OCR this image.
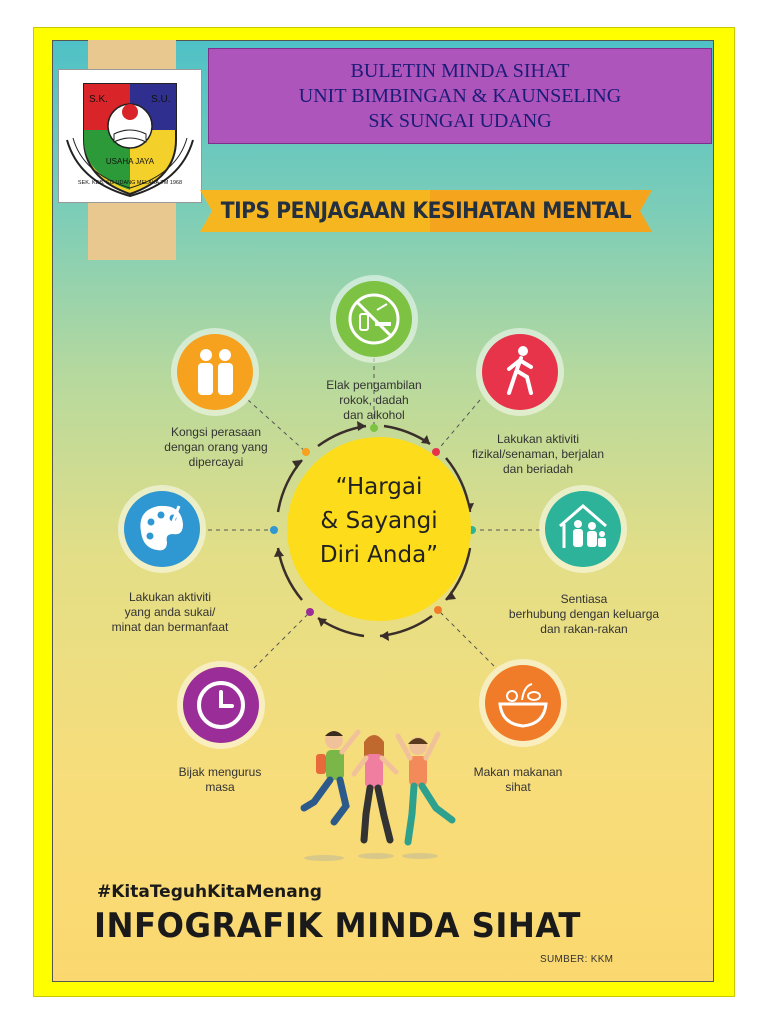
S.K.	S.U.
USAHA JAYA
SEK. KEB. SG UDANG MELAKA TM 1968
BULETIN MINDA SIHAT
UNIT BIMBINGAN & KAUNSELING
SK SUNGAI UDANG
TIPS PENJAGAAN KESIHATAN MENTAL
“Hargai
& Sayangi
Diri Anda”
Elak pengambilan
rokok, dadah
dan alkohol
Lakukan aktiviti
fizikal/senaman, berjalan
dan beriadah
Sentiasa
berhubung dengan keluarga
dan rakan-rakan
Makan makanan
sihat
Bijak mengurus
masa
Lakukan aktiviti
yang anda sukai/
minat dan bermanfaat
Kongsi perasaan
dengan orang yang
dipercayai
#KitaTeguhKitaMenang
INFOGRAFIK MINDA SIHAT
SUMBER: KKM
